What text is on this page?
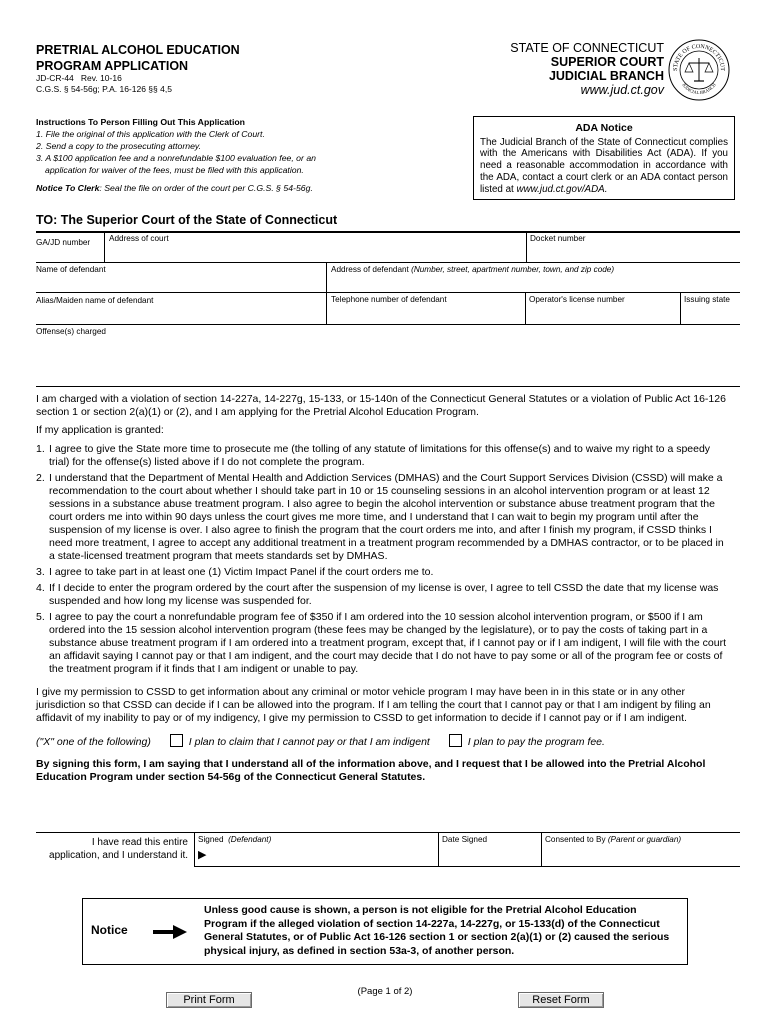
PRETRIAL ALCOHOL EDUCATION
PROGRAM APPLICATION
JD-CR-44   Rev. 10-16
C.G.S. § 54-56g; P.A. 16-126 §§ 4,5
STATE OF CONNECTICUT
SUPERIOR COURT
JUDICIAL BRANCH
www.jud.ct.gov
STATE OF CONNECTICUT
JUDICIAL BRANCH
Instructions To Person Filling Out This Application
1. File the original of this application with the Clerk of Court.
2. Send a copy to the prosecuting attorney.
3. A $100 application fee and a nonrefundable $100 evaluation fee, or an
application for waiver of the fees, must be filed with this application.
Notice To Clerk: Seal the file on order of the court per C.G.S. § 54-56g.
ADA Notice
The Judicial Branch of the State of Connecticut complies with the Americans with Disabilities Act (ADA). If you need a reasonable accommodation in accordance with the ADA, contact a court clerk or an ADA contact person listed at www.jud.ct.gov/ADA.
TO: The Superior Court of the State of Connecticut
GA/JD number	Address of court	Docket number
Name of defendant	Address of defendant (Number, street, apartment number, town, and zip code)
Alias/Maiden name of defendant	Telephone number of defendant	Operator's license number	Issuing state
Offense(s) charged

I am charged with a violation of section 14-227a, 14-227g, 15-133, or 15-140n of the Connecticut General Statutes or a violation of Public Act 16-126 section 1 or section 2(a)(1) or (2), and I am applying for the Pretrial Alcohol Education Program.

If my application is granted:

1. I agree to give the State more time to prosecute me (the tolling of any statute of limitations for this offense(s) and to waive my right to a speedy trial) for the offense(s) listed above if I do not complete the program.
2. I understand that the Department of Mental Health and Addiction Services (DMHAS) and the Court Support Services Division (CSSD) will make a recommendation to the court about whether I should take part in 10 or 15 counseling sessions in an alcohol intervention program or at least 12 sessions in a substance abuse treatment program. I also agree to begin the alcohol intervention or substance abuse treatment program that the court orders me into within 90 days unless the court gives me more time, and I understand that I can wait to begin my program until after the suspension of my license is over. I also agree to finish the program that the court orders me into, and after I finish my program, if CSSD thinks I need more treatment, I agree to accept any additional treatment in a treatment program recommended by a DMHAS contractor, or to be placed in a state-licensed treatment program that meets standards set by DMHAS.
3. I agree to take part in at least one (1) Victim Impact Panel if the court orders me to.
4. If I decide to enter the program ordered by the court after the suspension of my license is over, I agree to tell CSSD the date that my license was suspended and how long my license was suspended for.
5. I agree to pay the court a nonrefundable program fee of $350 if I am ordered into the 10 session alcohol intervention program, or $500 if I am ordered into the 15 session alcohol intervention program (these fees may be changed by the legislature), or to pay the costs of taking part in a substance abuse treatment program if I am ordered into a treatment program, except that, if I cannot pay or if I am indigent, I will file with the court an affidavit saying I cannot pay or that I am indigent, and the court may decide that I do not have to pay some or all of the program fee or costs of the treatment program if it finds that I am indigent or unable to pay.

I give my permission to CSSD to get information about any criminal or motor vehicle program I may have been in in this state or in any other jurisdiction so that CSSD can decide if I can be allowed into the program. If I am telling the court that I cannot pay or that I am indigent by filing an affidavit of my inability to pay or of my indigency, I give my permission to CSSD to get information to decide if I cannot pay or if I am indigent.

("X" one of the following)	I plan to claim that I cannot pay or that I am indigent	I plan to pay the program fee.

By signing this form, I am saying that I understand all of the information above, and I request that I be allowed into the Pretrial Alcohol Education Program under section 54-56g of the Connecticut General Statutes.

I have read this entire
application, and I understand it.
Signed (Defendant)
▶
Date Signed	Consented to By (Parent or guardian)
Notice
Unless good cause is shown, a person is not eligible for the Pretrial Alcohol Education Program if the alleged violation of section 14-227a, 14-227g, or 15-133(d) of the Connecticut General Statutes, or of Public Act 16-126 section 1 or section 2(a)(1) or (2) caused the serious physical injury, as defined in section 53a-3, of another person.
(Page 1 of 2)
Print Form	Reset Form
